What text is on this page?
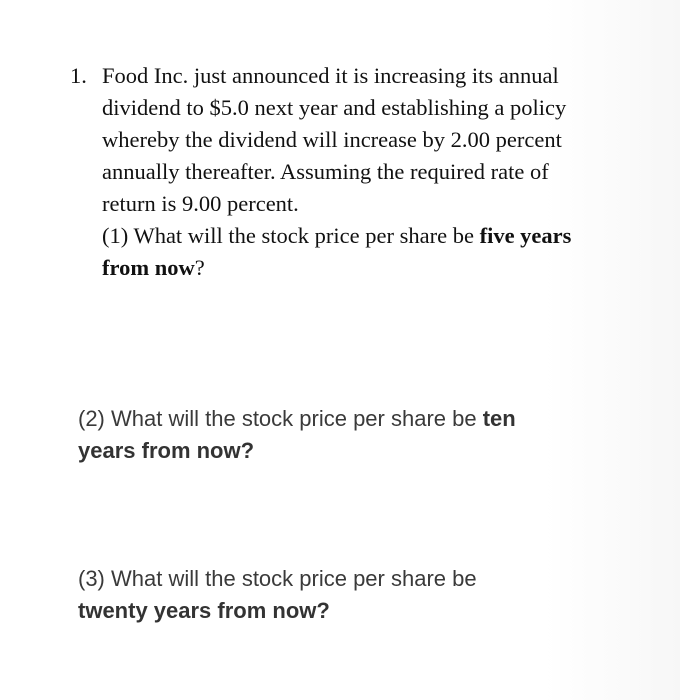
1. Food Inc. just announced it is increasing its annual
dividend to $5.0 next year and establishing a policy
whereby the dividend will increase by 2.00 percent
annually thereafter. Assuming the required rate of
return is 9.00 percent.
(1) What will the stock price per share be five years
from now?
(2) What will the stock price per share be ten
years from now?
(3) What will the stock price per share be
twenty years from now?
